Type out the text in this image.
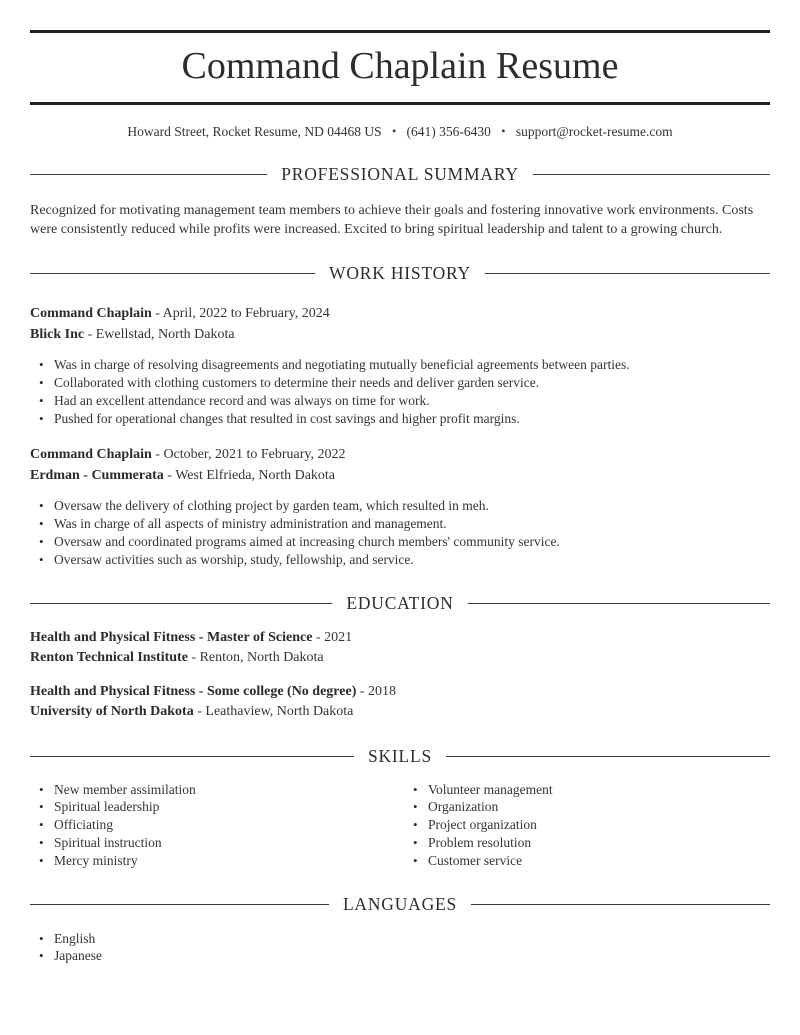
Command Chaplain Resume
Howard Street, Rocket Resume, ND 04468 US • (641) 356-6430 • support@rocket-resume.com
PROFESSIONAL SUMMARY

Recognized for motivating management team members to achieve their goals and fostering innovative work environments. Costs were consistently reduced while profits were increased. Excited to bring spiritual leadership and talent to a growing church.

WORK HISTORY
Command Chaplain - April, 2022 to February, 2024
Blick Inc - Ewellstad, North Dakota
• Was in charge of resolving disagreements and negotiating mutually beneficial agreements between parties.
• Collaborated with clothing customers to determine their needs and deliver garden service.
• Had an excellent attendance record and was always on time for work.
• Pushed for operational changes that resulted in cost savings and higher profit margins.
Command Chaplain - October, 2021 to February, 2022
Erdman - Cummerata - West Elfrieda, North Dakota
• Oversaw the delivery of clothing project by garden team, which resulted in meh.
• Was in charge of all aspects of ministry administration and management.
• Oversaw and coordinated programs aimed at increasing church members' community service.
• Oversaw activities such as worship, study, fellowship, and service.
EDUCATION
Health and Physical Fitness - Master of Science - 2021
Renton Technical Institute - Renton, North Dakota
Health and Physical Fitness - Some college (No degree) - 2018
University of North Dakota - Leathaview, North Dakota
SKILLS
• New member assimilation
• Spiritual leadership
• Officiating
• Spiritual instruction
• Mercy ministry
• Volunteer management
• Organization
• Project organization
• Problem resolution
• Customer service
LANGUAGES
• English
• Japanese
